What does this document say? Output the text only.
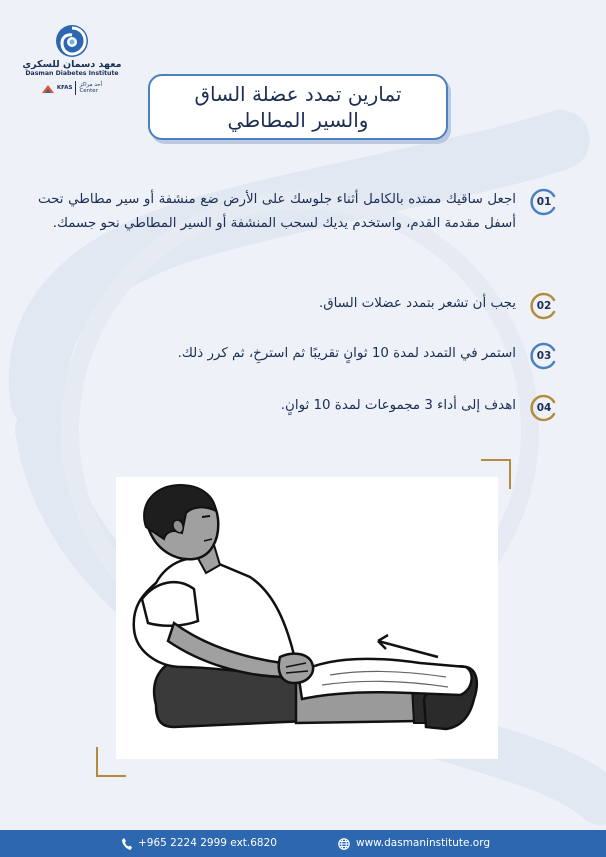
معهد دسمان للسكري
Dasman Diabetes Institute
KFAS أحد مراكز
Center	تمارين تمدد عضلة الساق
والسير المطاطي
01
اجعل ساقيك ممتده بالكامل أثناء جلوسك على الأرض ضع منشفة أو سير مطاطي تحت أسفل مقدمة القدم، واستخدم يديك لسحب المنشفة أو السير المطاطي نحو جسمك.
02
يجب أن تشعر بتمدد عضلات الساق.
03
استمر في التمدد لمدة 10 ثوانٍ تقريبًا ثم استرخِ، ثم كرر ذلك.
04
اهدف إلى أداء 3 مجموعات لمدة 10 ثوانٍ.
+965 2224 2999 ext.6820	www.dasmaninstitute.org
